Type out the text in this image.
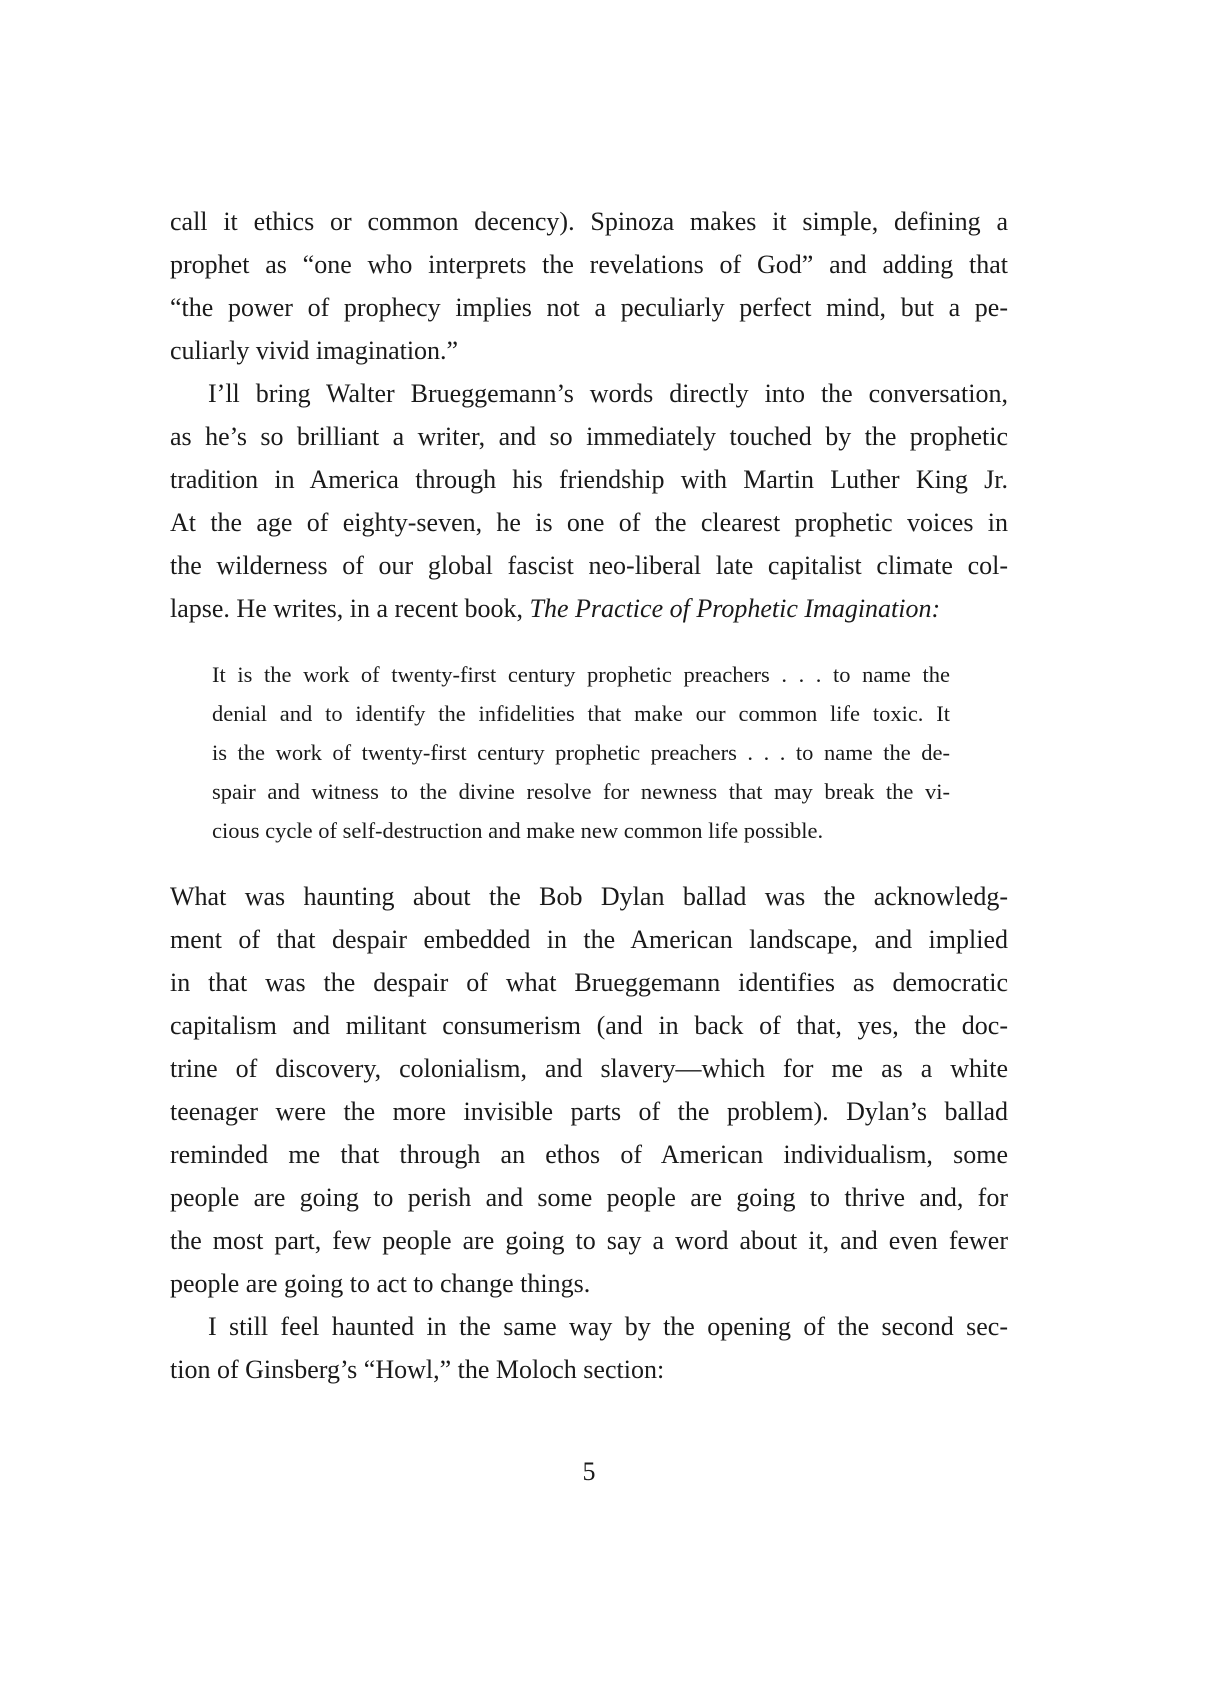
call it ethics or common decency). Spinoza makes it simple, defining a
prophet as “one who interprets the revelations of God” and adding that
“the power of prophecy implies not a peculiarly perfect mind, but a pe-
culiarly vivid imagination.”
I’ll bring Walter Brueggemann’s words directly into the conversation,
as he’s so brilliant a writer, and so immediately touched by the prophetic
tradition in America through his friendship with Martin Luther King Jr.
At the age of eighty-seven, he is one of the clearest prophetic voices in
the wilderness of our global fascist neo-liberal late capitalist climate col-
lapse. He writes, in a recent book, The Practice of Prophetic Imagination:
It is the work of twenty-first century prophetic preachers . . . to name the
denial and to identify the infidelities that make our common life toxic. It
is the work of twenty-first century prophetic preachers . . . to name the de-
spair and witness to the divine resolve for newness that may break the vi-
cious cycle of self-destruction and make new common life possible.
What was haunting about the Bob Dylan ballad was the acknowledg-
ment of that despair embedded in the American landscape, and implied
in that was the despair of what Brueggemann identifies as democratic
capitalism and militant consumerism (and in back of that, yes, the doc-
trine of discovery, colonialism, and slavery—which for me as a white
teenager were the more invisible parts of the problem). Dylan’s ballad
reminded me that through an ethos of American individualism, some
people are going to perish and some people are going to thrive and, for
the most part, few people are going to say a word about it, and even fewer
people are going to act to change things.
I still feel haunted in the same way by the opening of the second sec-
tion of Ginsberg’s “Howl,” the Moloch section:
5
